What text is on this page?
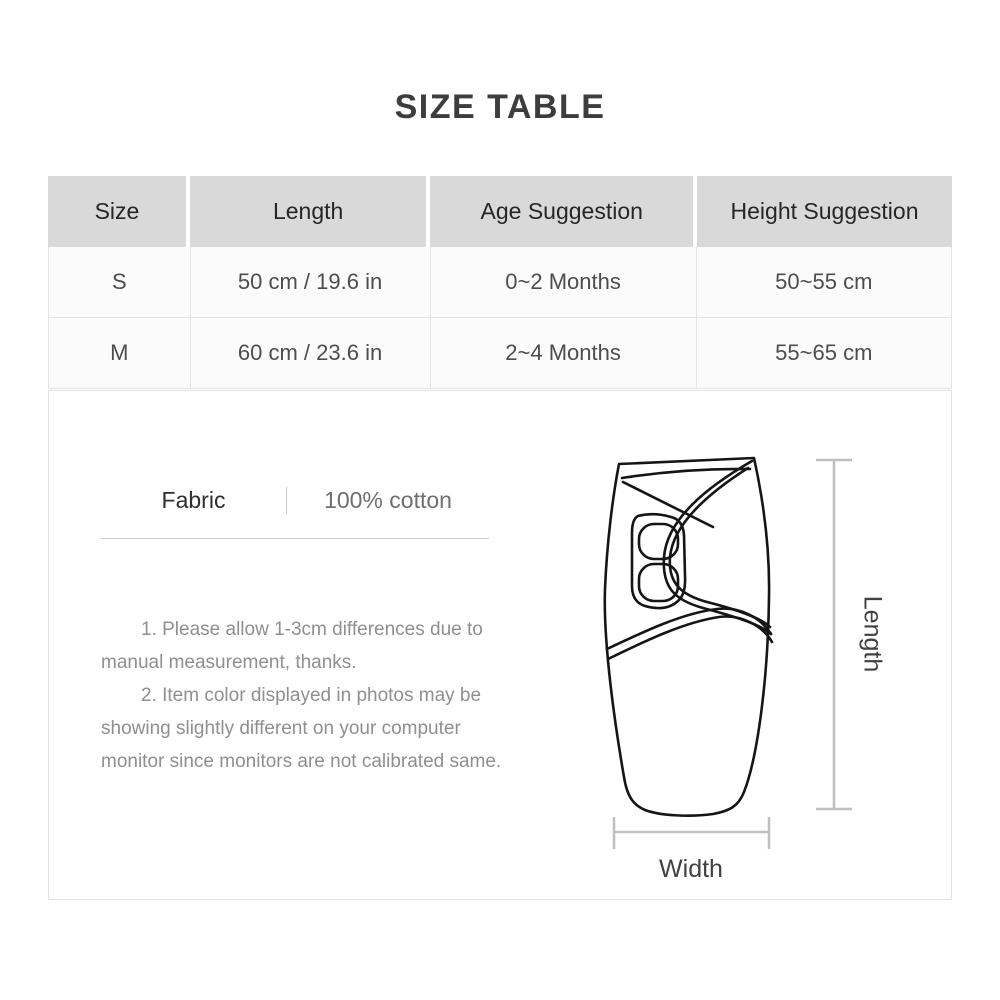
SIZE TABLE
Size	Length	Age Suggestion	Height Suggestion
S	50 cm / 19.6 in	0~2 Months	50~55 cm
M	60 cm / 23.6 in	2~4 Months	55~65 cm
Fabric	100% cotton

1. Please allow 1-3cm differences due to manual measurement, thanks.

2. Item color displayed in photos may be showing slightly different on your computer monitor since monitors are not calibrated same.

Length
Width
